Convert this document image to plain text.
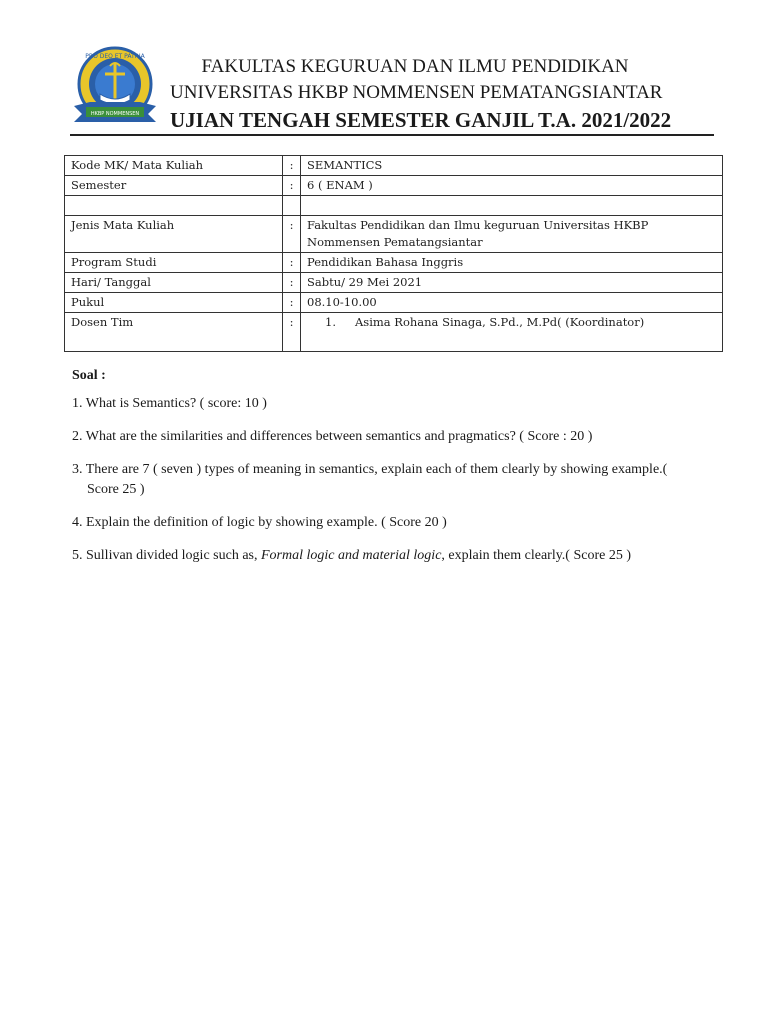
PRO DEO ET PATRIA
HKBP NOMMENSEN
FAKULTAS KEGURUAN DAN ILMU PENDIDIKAN
UNIVERSITAS HKBP NOMMENSEN PEMATANGSIANTAR
UJIAN TENGAH SEMESTER GANJIL T.A. 2021/2022
Kode MK/ Mata Kuliah	:	SEMANTICS
Semester	:	6 ( ENAM )

Jenis Mata Kuliah	:	Fakultas Pendidikan dan Ilmu keguruan Universitas HKBP
Nommensen Pematangsiantar
Program Studi	:	Pendidikan Bahasa Inggris
Hari/ Tanggal	:	Sabtu/ 29 Mei 2021
Pukul	:	08.10-10.00
Dosen Tim	:	1. Asima Rohana Sinaga, S.Pd., M.Pd( (Koordinator)
Soal :
1. What is Semantics? ( score: 10 )
2. What are the similarities and differences between semantics and pragmatics? ( Score : 20 )
3. There are 7 ( seven ) types of meaning in semantics, explain each of them clearly by showing example.(
Score 25 )
4. Explain the definition of logic by showing example. ( Score 20 )
5. Sullivan divided logic such as, Formal logic and material logic, explain them clearly.( Score 25 )
